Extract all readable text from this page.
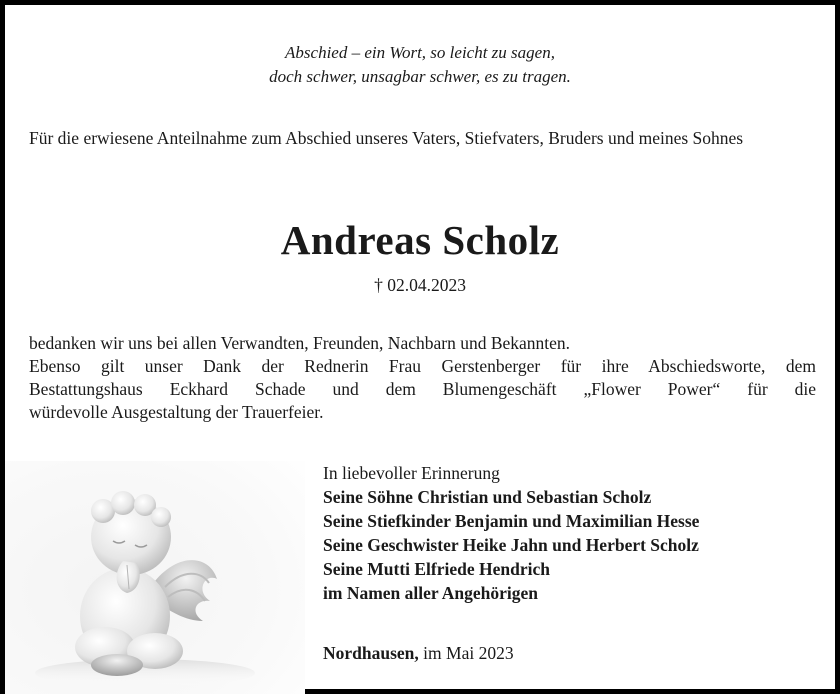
Abschied – ein Wort, so leicht zu sagen,
doch schwer, unsagbar schwer, es zu tragen.
Für die erwiesene Anteilnahme zum Abschied unseres Vaters, Stiefvaters, Bruders und meines Sohnes
Andreas Scholz
† 02.04.2023
bedanken wir uns bei allen Verwandten, Freunden, Nachbarn und Bekannten.
Ebenso gilt unser Dank der Rednerin Frau Gerstenberger für ihre Abschiedsworte, dem
Bestattungshaus Eckhard Schade und dem Blumengeschäft „Flower Power“ für die
würdevolle Ausgestaltung der Trauerfeier.
In liebevoller Erinnerung
Seine Söhne Christian und Sebastian Scholz
Seine Stiefkinder Benjamin und Maximilian Hesse
Seine Geschwister Heike Jahn und Herbert Scholz
Seine Mutti Elfriede Hendrich
im Namen aller Angehörigen
Nordhausen, im Mai 2023
